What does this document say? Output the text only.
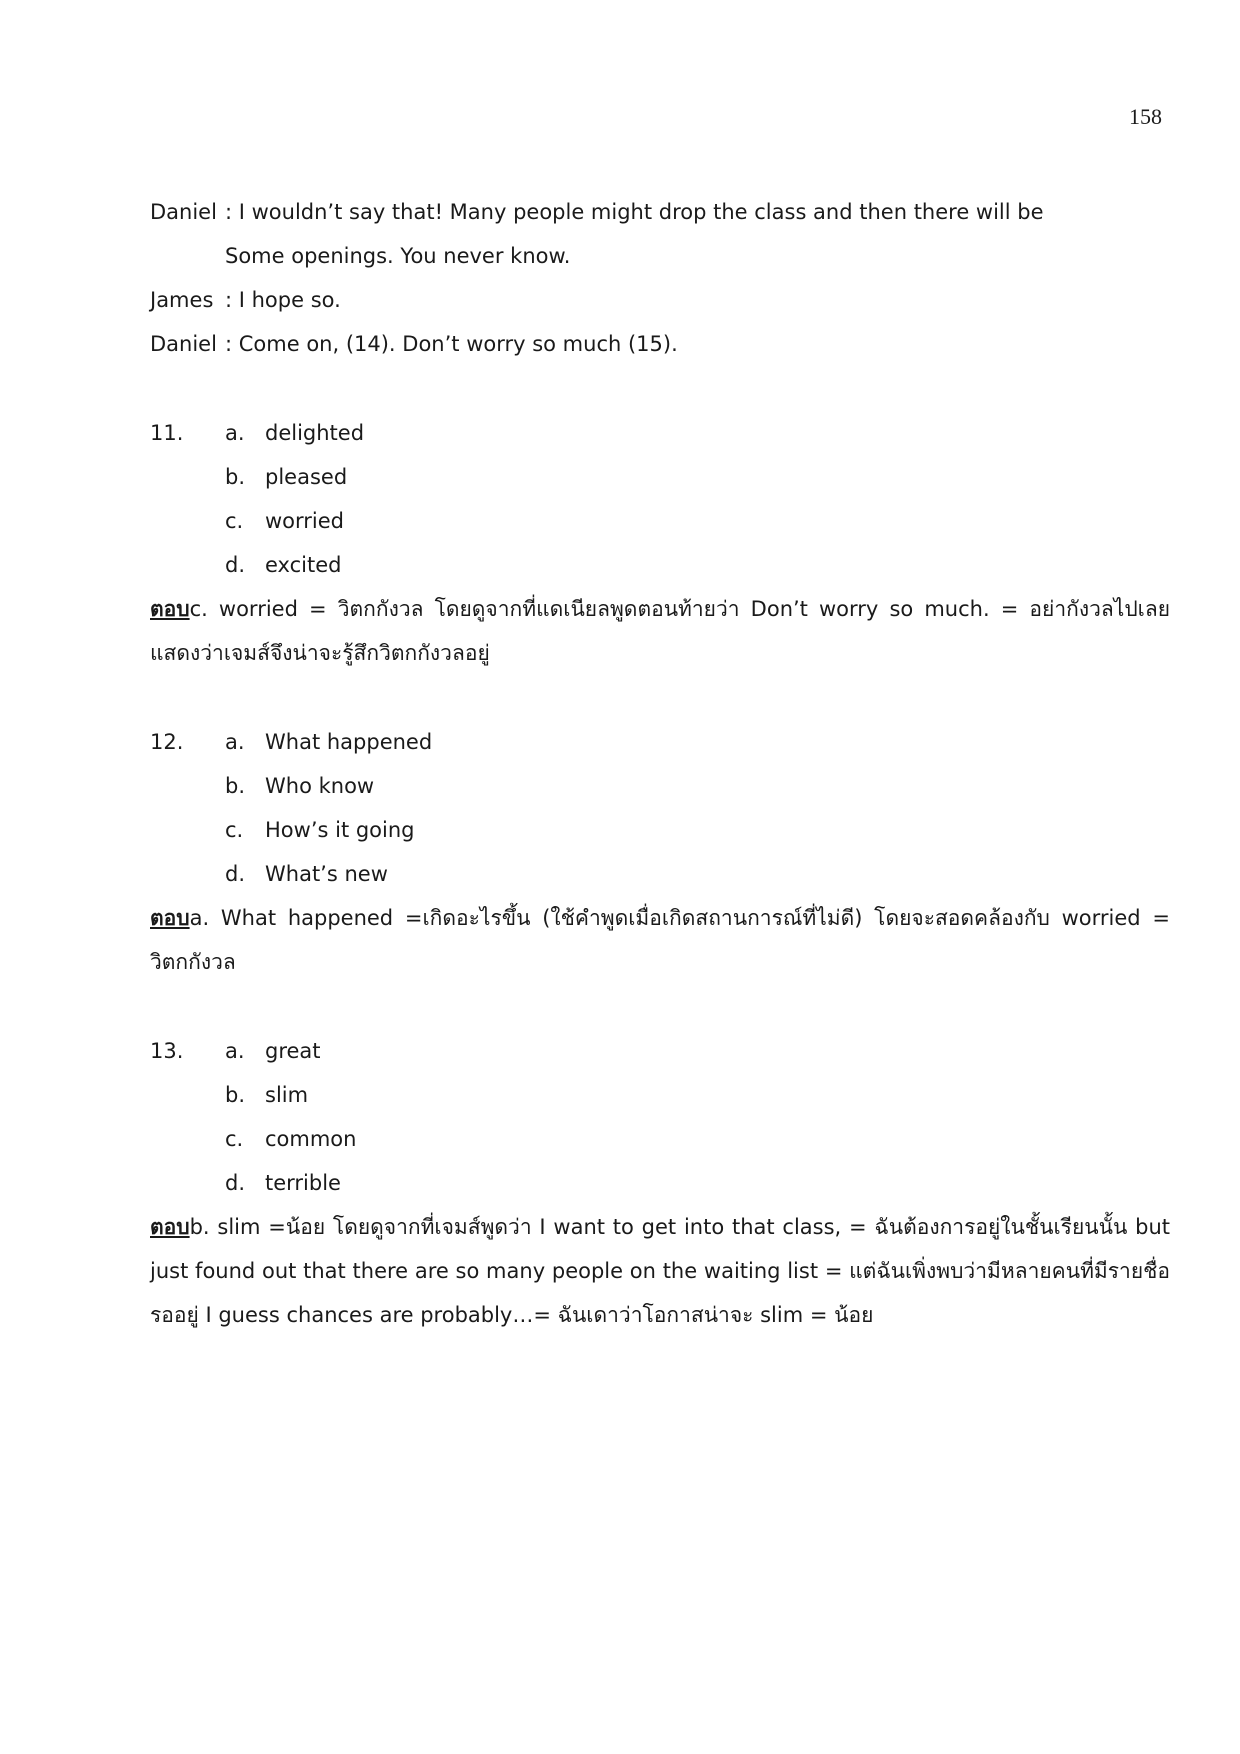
158
Daniel : I wouldn’t say that! Many people might drop the class and then there will be
Some openings. You never know.
James : I hope so.
Daniel : Come on, (14). Don’t worry so much (15).
11.	a. delighted
b. pleased
c.	worried
d. excited
ตอบc. worried = วิตกกังวล โดยดูจากที่แดเนียลพูดตอนท้ายว่า Don’t worry so much. = อย่ากังวลไปเลย แสดงว่าเจมส์จึงน่าจะรู้สึกวิตกกังวลอยู่
12.	a. What happened
b. Who know
c.	How’s it going
d. What’s new
ตอบa. What happened =เกิดอะไรขึ้น (ใช้คำพูดเมื่อเกิดสถานการณ์ที่ไม่ดี) โดยจะสอดคล้องกับ worried = วิตกกังวล
13.	a. great
b. slim
c.	common
d. terrible
ตอบb. slim =น้อย โดยดูจากที่เจมส์พูดว่า I want to get into that class, = ฉันต้องการอยู่ในชั้นเรียนนั้น but just found out that there are so many people on the waiting list = แต่ฉันเพิ่งพบว่ามีหลายคนที่มีรายชื่อรออยู่ I guess chances are probably…= ฉันเดาว่าโอกาสน่าจะ slim = น้อย
